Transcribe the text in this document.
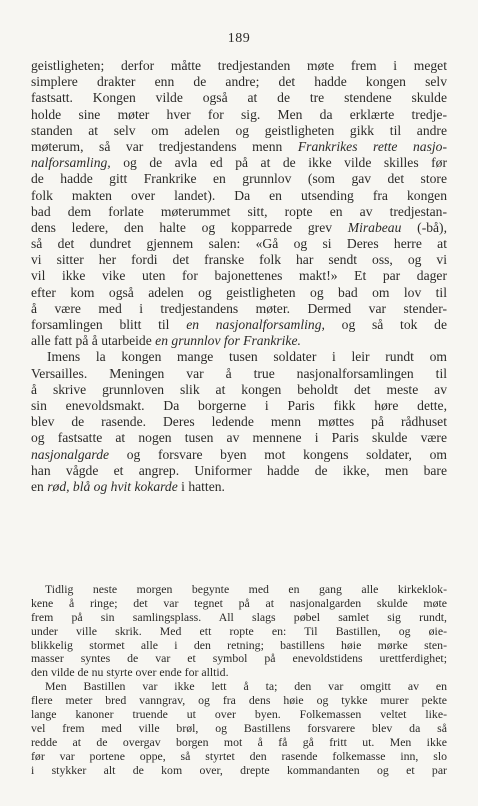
189
geistligheten; derfor måtte tredjestanden møte frem i meget
simplere drakter enn de andre; det hadde kongen selv
fastsatt. Kongen vilde også at de tre stendene skulde
holde sine møter hver for sig. Men da erklærte tredje-
standen at selv om adelen og geistligheten gikk til andre
møterum, så var tredjestandens menn Frankrikes rette nasjo-
nalforsamling, og de avla ed på at de ikke vilde skilles før
de hadde gitt Frankrike en grunnlov (som gav det store
folk makten over landet). Da en utsending fra kongen
bad dem forlate møterummet sitt, ropte en av tredjestan-
dens ledere, den halte og kopparrede grev Mirabeau (-bå),
så det dundret gjennem salen: «Gå og si Deres herre at
vi sitter her fordi det franske folk har sendt oss, og vi
vil ikke vike uten for bajonettenes makt!» Et par dager
efter kom også adelen og geistligheten og bad om lov til
å være med i tredjestandens møter. Dermed var stender-
forsamlingen blitt til en nasjonalforsamling, og så tok de
alle fatt på å utarbeide en grunnlov for Frankrike.
Imens la kongen mange tusen soldater i leir rundt om
Versailles. Meningen var å true nasjonalforsamlingen til
å skrive grunnloven slik at kongen beholdt det meste av
sin enevoldsmakt. Da borgerne i Paris fikk høre dette,
blev de rasende. Deres ledende menn møttes på rådhuset
og fastsatte at nogen tusen av mennene i Paris skulde være
nasjonalgarde og forsvare byen mot kongens soldater, om
han vågde et angrep. Uniformer hadde de ikke, men bare
en rød, blå og hvit kokarde i hatten.
Tidlig neste morgen begynte med en gang alle kirkeklok-
kene å ringe; det var tegnet på at nasjonalgarden skulde møte
frem på sin samlingsplass. All slags pøbel samlet sig rundt,
under ville skrik. Med ett ropte en: Til Bastillen, og øie-
blikkelig stormet alle i den retning; bastillens høie mørke sten-
masser syntes de var et symbol på enevoldstidens urettferdighet;
den vilde de nu styrte over ende for alltid.
Men Bastillen var ikke lett å ta; den var omgitt av en
flere meter bred vanngrav, og fra dens høie og tykke murer pekte
lange kanoner truende ut over byen. Folkemassen veltet like-
vel frem med ville brøl, og Bastillens forsvarere blev da så
redde at de overgav borgen mot å få gå fritt ut. Men ikke
før var portene oppe, så styrtet den rasende folkemasse inn, slo
i stykker alt de kom over, drepte kommandanten og et par
